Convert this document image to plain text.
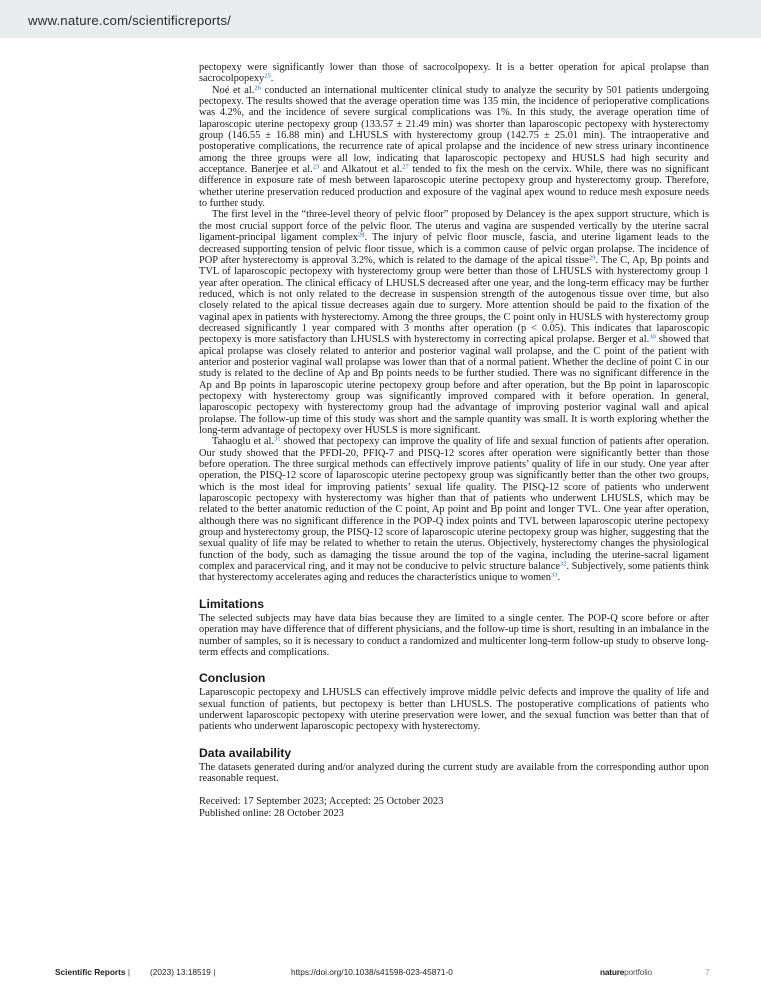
www.nature.com/scientificreports/

pectopexy were significantly lower than those of sacrocolpopexy. It is a better operation for apical prolapse than sacrocolpopexy$^{25}$.

Noé et al.$^{26}$ conducted an international multicenter clinical study to analyze the security by 501 patients undergoing pectopexy. The results showed that the average operation time was 135 min, the incidence of perioperative complications was 4.2%, and the incidence of severe surgical complications was 1%. In this study, the average operation time of laparoscopic uterine pectopexy group (133.57 ± 21.49 min) was shorter than laparoscopic pectopexy with hysterectomy group (146.55 ± 16.88 min) and LHUSLS with hysterectomy group (142.75 ± 25.01 min). The intraoperative and postoperative complications, the recurrence rate of apical prolapse and the incidence of new stress urinary incontinence among the three groups were all low, indicating that laparoscopic pectopexy and HUSLS had high security and acceptance. Banerjee et al.$^{23}$ and Alkatout et al.$^{27}$ tended to fix the mesh on the cervix. While, there was no significant difference in exposure rate of mesh between laparoscopic uterine pectopexy group and hysterectomy group. Therefore, whether uterine preservation reduced production and exposure of the vaginal apex wound to reduce mesh exposure needs to further study.

The first level in the “three-level theory of pelvic floor” proposed by Delancey is the apex support structure, which is the most crucial support force of the pelvic floor. The uterus and vagina are suspended vertically by the uterine sacral ligament-principal ligament complex$^{28}$. The injury of pelvic floor muscle, fascia, and uterine ligament leads to the decreased supporting tension of pelvic floor tissue, which is a common cause of pelvic organ prolapse. The incidence of POP after hysterectomy is approval 3.2%, which is related to the damage of the apical tissue$^{29}$. The C, Ap, Bp points and TVL of laparoscopic pectopexy with hysterectomy group were better than those of LHUSLS with hysterectomy group 1 year after operation. The clinical efficacy of LHUSLS decreased after one year, and the long-term efficacy may be further reduced, which is not only related to the decrease in suspension strength of the autogenous tissue over time, but also closely related to the apical tissue decreases again due to surgery. More attention should be paid to the fixation of the vaginal apex in patients with hysterectomy. Among the three groups, the C point only in HUSLS with hysterectomy group decreased significantly 1 year compared with 3 months after operation (p < 0.05). This indicates that laparoscopic pectopexy is more satisfactory than LHUSLS with hysterectomy in correcting apical prolapse. Berger et al.$^{30}$ showed that apical prolapse was closely related to anterior and posterior vaginal wall prolapse, and the C point of the patient with anterior and posterior vaginal wall prolapse was lower than that of a normal patient. Whether the decline of point C in our study is related to the decline of Ap and Bp points needs to be further studied. There was no significant difference in the Ap and Bp points in laparoscopic uterine pectopexy group before and after operation, but the Bp point in laparoscopic pectopexy with hysterectomy group was significantly improved compared with it before operation. In general, laparoscopic pectopexy with hysterectomy group had the advantage of improving posterior vaginal wall and apical prolapse. The follow-up time of this study was short and the sample quantity was small. It is worth exploring whether the long-term advantage of pectopexy over HUSLS is more significant.

Tahaoglu et al.$^{31}$ showed that pectopexy can improve the quality of life and sexual function of patients after operation. Our study showed that the PFDI-20, PFIQ-7 and PISQ-12 scores after operation were significantly better than those before operation. The three surgical methods can effectively improve patients’ quality of life in our study. One year after operation, the PISQ-12 score of laparoscopic uterine pectopexy group was significantly better than the other two groups, which is the most ideal for improving patients’ sexual life quality. The PISQ-12 score of patients who underwent laparoscopic pectopexy with hysterectomy was higher than that of patients who underwent LHUSLS, which may be related to the better anatomic reduction of the C point, Ap point and Bp point and longer TVL. One year after operation, although there was no significant difference in the POP-Q index points and TVL between laparoscopic uterine pectopexy group and hysterectomy group, the PISQ-12 score of laparoscopic uterine pectopexy group was higher, suggesting that the sexual quality of life may be related to whether to retain the uterus. Objectively, hysterectomy changes the physiological function of the body, such as damaging the tissue around the top of the vagina, including the uterine-sacral ligament complex and paracervical ring, and it may not be conducive to pelvic structure balance$^{32}$. Subjectively, some patients think that hysterectomy accelerates aging and reduces the characteristics unique to women$^{33}$.

Limitations

The selected subjects may have data bias because they are limited to a single center. The POP-Q score before or after operation may have difference that of different physicians, and the follow-up time is short, resulting in an imbalance in the number of samples, so it is necessary to conduct a randomized and multicenter long-term follow-up study to observe long-term effects and complications.

Conclusion

Laparoscopic pectopexy and LHUSLS can effectively improve middle pelvic defects and improve the quality of life and sexual function of patients, but pectopexy is better than LHUSLS. The postoperative complications of patients who underwent laparoscopic pectopexy with uterine preservation were lower, and the sexual function was better than that of patients who underwent laparoscopic pectopexy with hysterectomy.

Data availability

The datasets generated during and/or analyzed during the current study are available from the corresponding author upon reasonable request.

Received: 17 September 2023; Accepted: 25 October 2023

Published online: 28 October 2023

Scientific Reports | (2023) 13:18519 |	https://doi.org/10.1038/s41598-023-45871-0	natureportfolio	7
